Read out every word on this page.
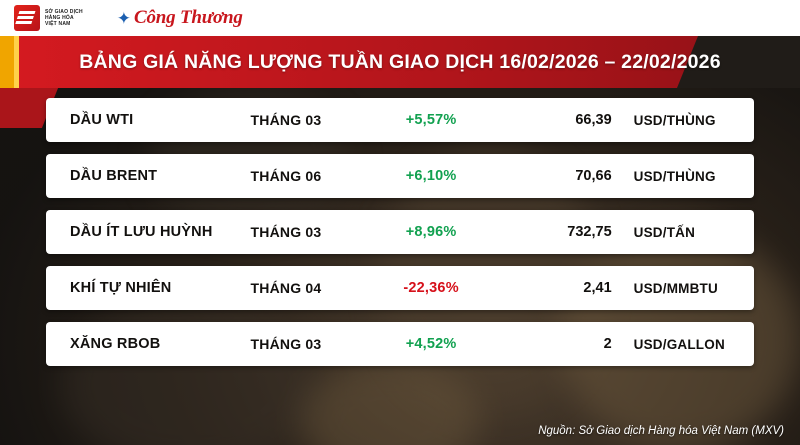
SỞ GIAO DỊCH
HÀNG HÓA
VIỆT NAM	✦ Công Thương
BẢNG GIÁ NĂNG LƯỢNG TUẦN GIAO DỊCH 16/02/2026 – 22/02/2026
DẦU WTI	THÁNG 03	+5,57%	66,39	USD/THÙNG
DẦU BRENT	THÁNG 06	+6,10%	70,66	USD/THÙNG
DẦU ÍT LƯU HUỲNH	THÁNG 03	+8,96%	732,75	USD/TẤN
KHÍ TỰ NHIÊN	THÁNG 04	-22,36%	2,41	USD/MMBTU
XĂNG RBOB	THÁNG 03	+4,52%	2	USD/GALLON
Nguồn: Sở Giao dịch Hàng hóa Việt Nam (MXV)
